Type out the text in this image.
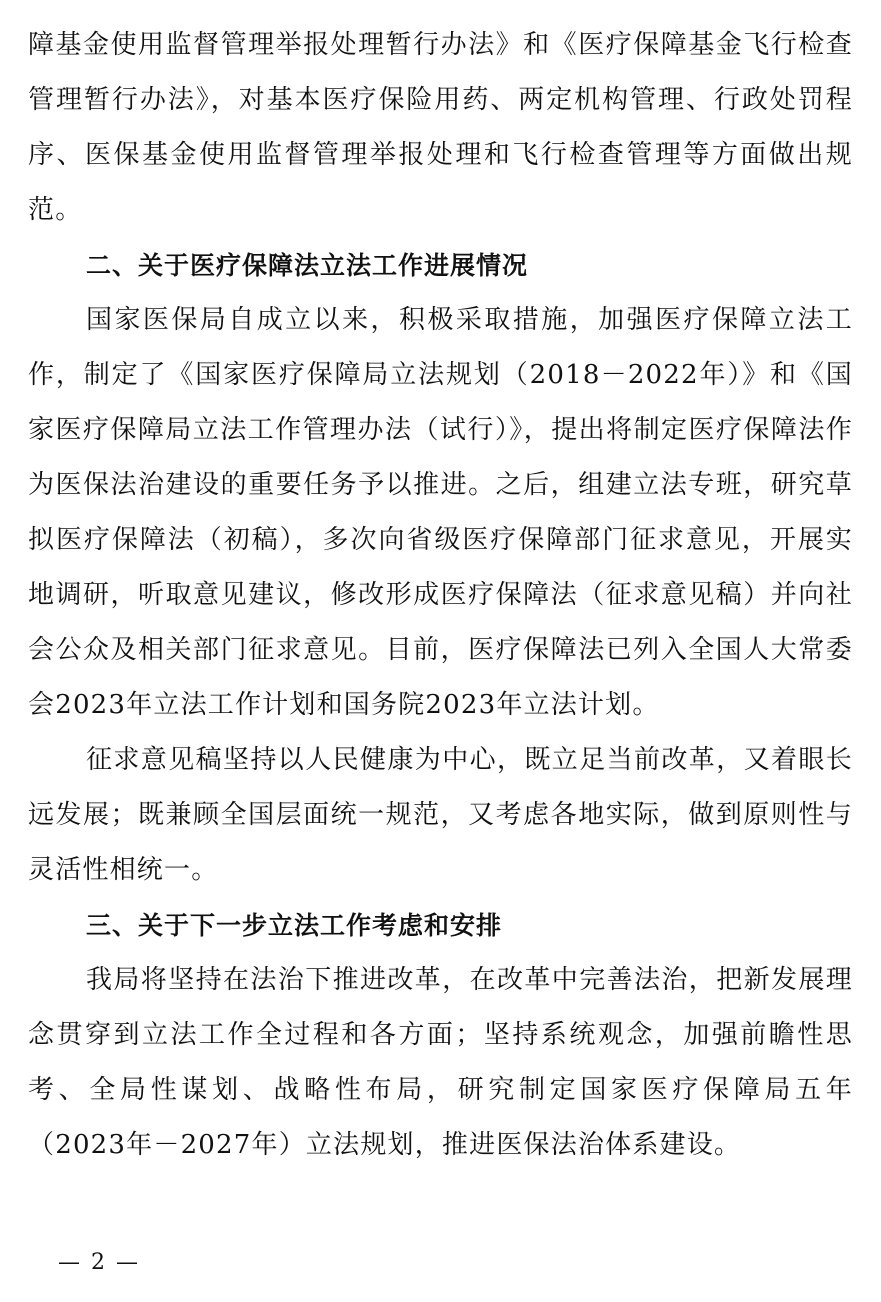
障基金使用监督管理举报处理暂行办法》和《医疗保障基金飞行检查管理暂行办法》，对基本医疗保险用药、两定机构管理、行政处罚程序、医保基金使用监督管理举报处理和飞行检查管理等方面做出规范。

二、关于医疗保障法立法工作进展情况

国家医保局自成立以来，积极采取措施，加强医疗保障立法工作，制定了《国家医疗保障局立法规划（2018－2022年）》和《国家医疗保障局立法工作管理办法（试行）》，提出将制定医疗保障法作为医保法治建设的重要任务予以推进。之后，组建立法专班，研究草拟医疗保障法（初稿），多次向省级医疗保障部门征求意见，开展实地调研，听取意见建议，修改形成医疗保障法（征求意见稿）并向社会公众及相关部门征求意见。目前，医疗保障法已列入全国人大常委会2023年立法工作计划和国务院2023年立法计划。

征求意见稿坚持以人民健康为中心，既立足当前改革，又着眼长远发展；既兼顾全国层面统一规范，又考虑各地实际，做到原则性与灵活性相统一。

三、关于下一步立法工作考虑和安排

我局将坚持在法治下推进改革，在改革中完善法治，把新发展理念贯穿到立法工作全过程和各方面；坚持系统观念，加强前瞻性思考、全局性谋划、战略性布局，研究制定国家医疗保障局五年（2023年－2027年）立法规划，推进医保法治体系建设。

— 2 —
